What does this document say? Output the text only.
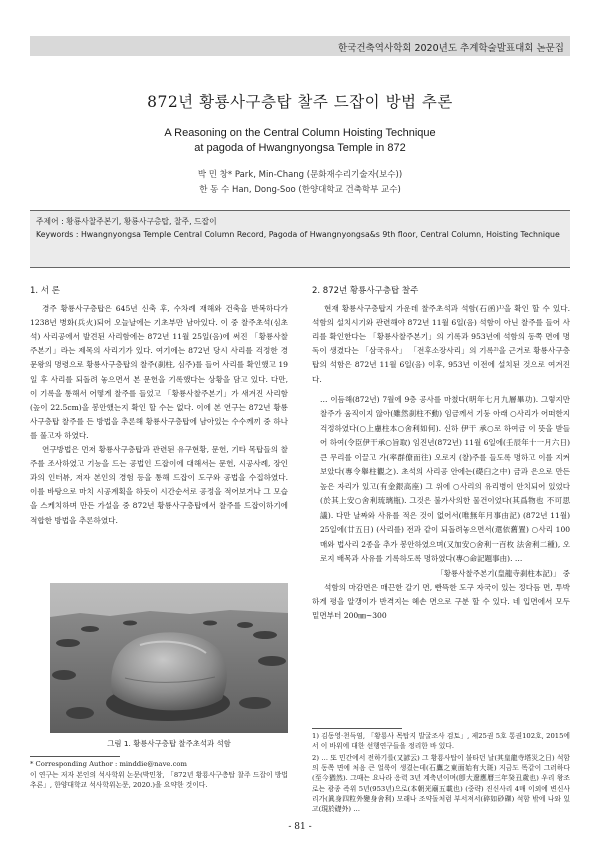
한국건축역사학회 2020년도 추계학술발표대회 논문집
872년 황룡사구층탑 찰주 드잡이 방법 추론
A Reasoning on the Central Column Hoisting Technique
at pagoda of Hwangnyongsa Temple in 872
박 민 창* Park, Min-Chang (문화재수리기술자(보수))
한 동 수 Han, Dong-Soo (한양대학교 건축학부 교수)
주제어 : 황룡사찰주본기, 황룡사구층탑, 찰주, 드잡이
Keywords : Hwangnyongsa Temple Central Column Record, Pagoda of Hwangnyongsa&s 9th floor, Central Column, Hoisting Technique
1. 서 론
경주 황룡사구층탑은 645년 신축 후, 수차례 재해와 건축을 반복하다가 1238년 병화(兵火)되어 오늘날에는 기초부만 남아있다. 이 중 찰주초석(심초석) 사리공에서 발견된 사리함에는 872년 11월 25일(음)에 써진 「황룡사찰주본기」라는 제목의 사리기가 있다. 여기에는 872년 당시 사리를 걱정한 경문왕의 명령으로 황룡사구층탑의 찰주(刹柱, 심주)를 들어 사리를 확인했고 19일 후 사리를 되돌려 놓으면서 본 문헌을 기록했다는 상황을 담고 있다. 다만, 이 기록을 통해서 어떻게 찰주를 들었고 「황룡사찰주본기」가 새겨진 사리함(높이 22.5cm)을 봉안했는지 확인 할 수는 없다. 이에 본 연구는 872년 황룡사구층탑 찰주를 든 방법을 추론해 황룡사구층탑에 남아있는 수수께끼 중 하나를 풀고자 하였다.
연구방법은 먼저 황룡사구층탑과 관련된 유구현황, 문헌, 기타 목탑들의 찰주를 조사하였고 기능을 드는 공법인 드잡이에 대해서는 문헌, 시공사례, 장인과의 인터뷰, 저자 본인의 경험 등을 통해 드잡이 도구와 공법을 수집하였다. 이를 바탕으로 마치 시공계획을 하듯이 시간순서로 공정을 적어보거나 그 모습을 스케치하며 만든 가설을 중 872년 황룡사구층탑에서 찰주를 드잡이하기에 적합한 방법을 추론하였다.
그림 1. 황룡사구층탑 찰주초석과 석함
* Corresponding Author : minddie@nave.com
이 연구는 저자 본인의 석사학위 논문(박민창, 「872년 황룡사구층탑 찰주 드잡이 방법 추론」, 한양대학교 석사학위논문, 2020.)을 요약한 것이다.
2. 872년 황룡사구층탑 찰주
현재 황룡사구층탑지 가운데 찰주초석과 석함(石函)¹⁾을 확인 할 수 있다. 석함의 설치시기와 관련해야 872년 11월 6일(음) 석함이 아닌 찰주를 들어 사리를 확인한다는 「황룡사찰주본기」의 기록과 953년에 석함의 동쪽 면에 명독이 생겼다는 「삼국유사」 「전후소장사리」의 기록²⁾을 근거로 황룡사구층탑의 석함은 872년 11월 6일(음) 이후, 953년 이전에 설치된 것으로 여겨진다.
… 이듬해(872년) 7월에 9층 공사를 마쳤다(明年七月九層畢功). 그렇지만 찰주가 움직이지 않아(雖然刹柱不動) 임금께서 기둥 아래 ○사리가 어떠한지 걱정하였다(○上慮柱本○舍利如何). 신하 伊干 承○로 하여금 이 뜻을 받들어 하여(令臣伊干承○旨取) 임진년(872년) 11월 6일에(壬辰年十一月六日) 큰 무리를 이끌고 가(率群僚而往) 오로지 (찰)주를 들도록 명하고 이를 지켜보았다(專令舉柱觀之). 초석의 사리공 안에는(礎臼之中) 금과 은으로 만든 높은 자리가 있고(有金銀高座) 그 위에 ○사리의 유리병이 안치되어 있었다(於其上安○舍利琉璃瓶). 그것은 불가사의한 물건이었다(其爲物也 不可思議). 다만 날짜와 사유를 적은 것이 없어서(唯無年月事由記) (872년 11월) 25일에(廿五日) (사리를) 전과 같이 되돌려놓으면서(還依舊置) ○사리 100매와 법사리 2종을 추가 봉안하였으며(又加安○舍利一百枚 法舍利二種), 오로지 배목과 사유를 기록하도록 명하였다(專○命記題事由). …
「황룡사찰주본기(皇龍寺刹柱本記)」 중
석함의 마감면은 매끈한 갈기 면, 빤뜩한 도구 자국이 있는 정다듬 면, 투박하게 평을 알갱이가 반격지는 혜손 면으로 구분 할 수 있다. 네 입면에서 모두 밑면부터 200㎜~300
1) 김동영·천득염, 「황룡사 목탑지 발굴조사 검토」, 제25권 5호 통권102호, 2015에서 이 바위에 대한 선행연구들을 정리한 바 있다.
2) … 또 민간에서 전하기를(又諺云) 그 황룡사탑이 불타던 날(其皇龍寺塔災之日) 석함의 동쪽 면에 처음 큰 얼룩이 생겼는데(石鷹之東面始有大斑) 지금도 똑같이 그러하다(至今猶然). 그때는 요나라 응력 3년 계축년이며(卽大遼應曆三年癸丑歲也) 우리 왕조로는 광종 즉위 5년(953년)으로(本朝光廟五載也) (중략) 진신사리 4매 이외에 변신사리가(眞身四粒外變身舍利) 모래나 조약돌처럼 부서져서(碎如砂礫) 석함 밖에 나와 있고(現於礎外) …
- 81 -
